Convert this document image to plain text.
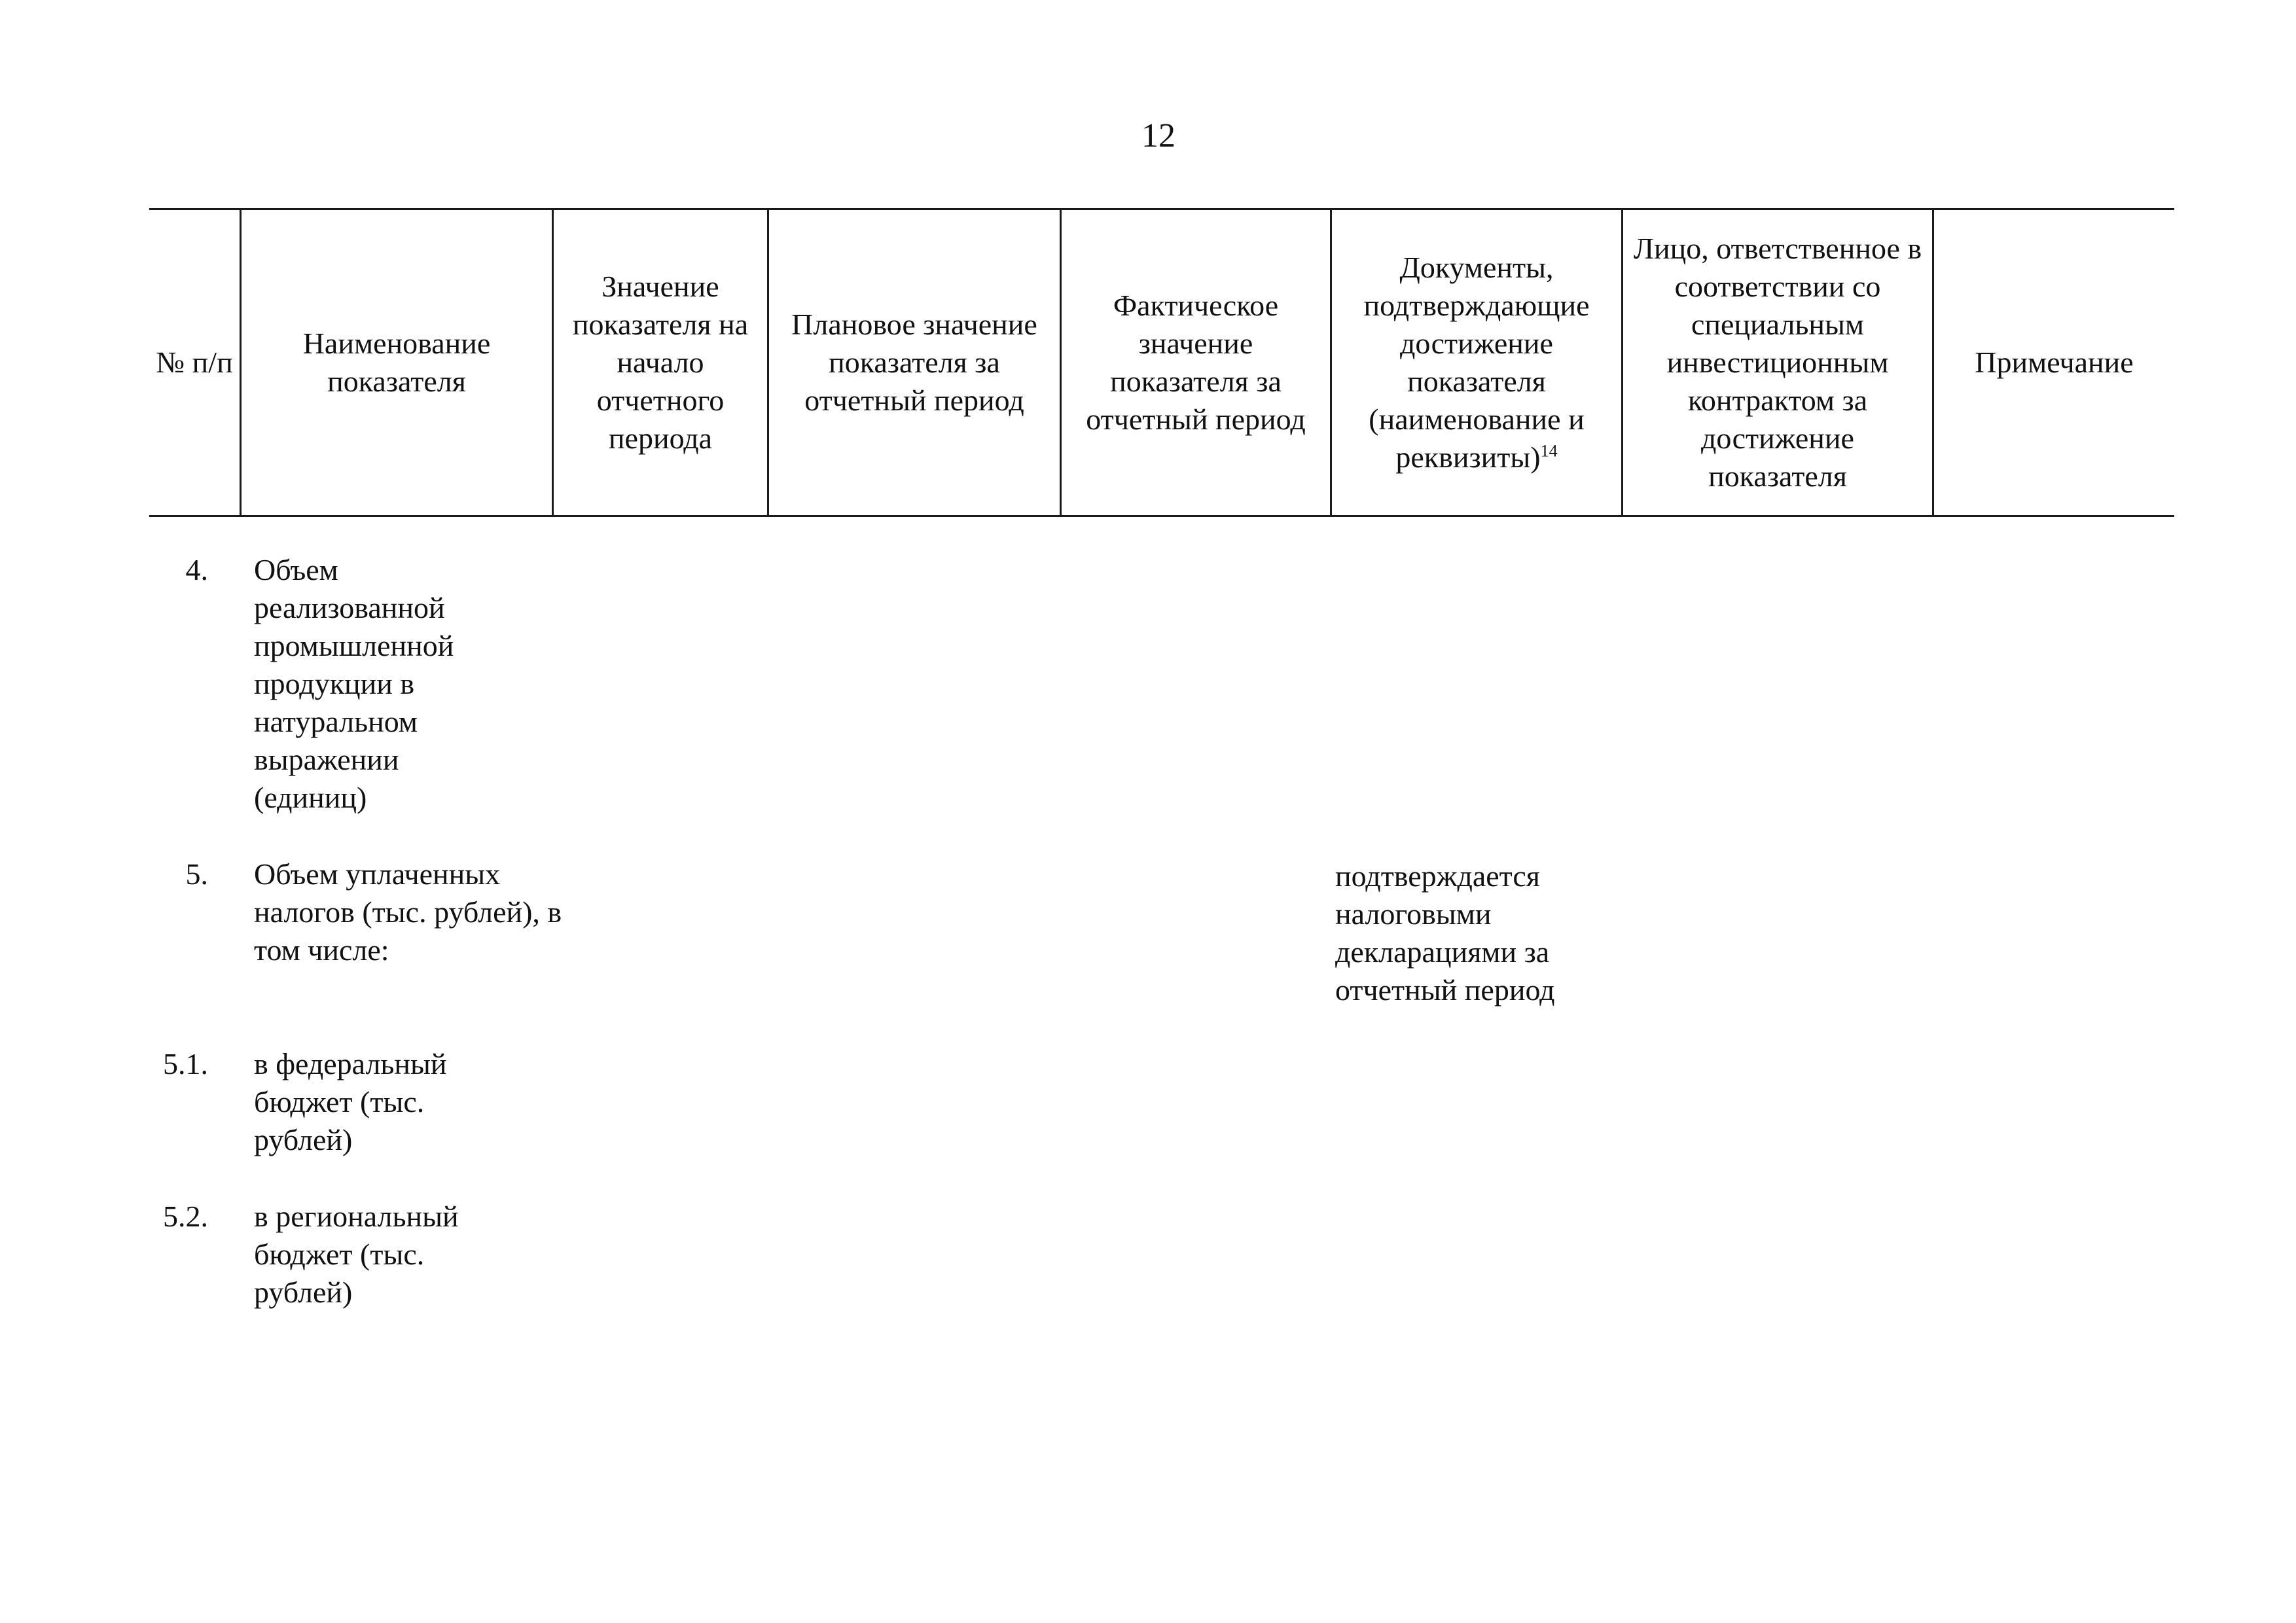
12
№ п/п
Наименование показателя
Значение показателя на начало отчетного периода
Плановое значение показателя за отчетный период
Фактическое значение показателя за отчетный период
Документы, подтверждающие достижение показателя (наименование и реквизиты)$^{14}$
Лицо, ответственное в соответствии со специальным инвестиционным контрактом за достижение показателя
Примечание
4. Объем реализованной промышленной продукции в натуральном выражении (единиц)
5. Объем уплаченных налогов (тыс. рублей), в том числе:
подтверждается налоговыми декларациями за отчетный период
5.1. в федеральный бюджет (тыс. рублей)
5.2. в региональный бюджет (тыс. рублей)
